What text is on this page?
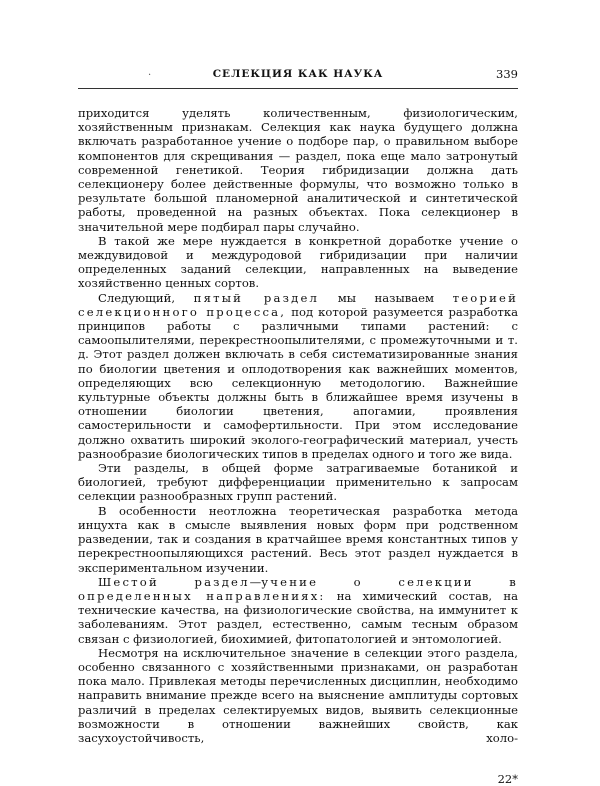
.	СЕЛЕКЦИЯ КАК НАУКА	339

приходится уделять количественным, физиологическим, хозяйственным признакам. Селекция как наука будущего должна включать разработанное учение о подборе пар, о правильном выборе компонентов для скрещивания — раздел, пока еще мало затронутый современной генетикой. Теория гибридизации должна дать селекционеру более действенные формулы, что возможно только в результате большой планомерной аналитической и синтетической работы, проведенной на разных объектах. Пока селекционер в значительной мере подбирал пары случайно.

В такой же мере нуждается в конкретной доработке учение о междувидовой и междуродовой гибридизации при наличии определенных заданий селекции, направленных на выведение хозяйственно ценных сортов.

Следующий, пятый раздел мы называем теорией селекционного процесса, под которой разумеется разработка принципов работы с различными типами растений: с самоопылителями, перекрестноопылителями, с промежуточными и т. д. Этот раздел должен включать в себя систематизированные знания по биологии цветения и оплодотворения как важнейших моментов, определяющих всю селекционную методологию. Важнейшие культурные объекты должны быть в ближайшее время изучены в отношении биологии цветения, апогамии, проявления самостерильности и самофертильности. При этом исследование должно охватить широкий эколого-географический материал, учесть разнообразие биологических типов в пределах одного и того же вида.

Эти разделы, в общей форме затрагиваемые ботаникой и биологией, требуют дифференциации применительно к запросам селекции разнообразных групп растений.

В особенности неотложна теоретическая разработка метода инцухта как в смысле выявления новых форм при родственном разведении, так и создания в кратчайшее время константных типов у перекрестноопыляющихся растений. Весь этот раздел нуждается в экспериментальном изучении.

Шестой раздел—учение о селекции в определенных направлениях: на химический состав, на технические качества, на физиологические свойства, на иммунитет к заболеваниям. Этот раздел, естественно, самым тесным образом связан с физиологией, биохимией, фитопатологией и энтомологией.

Несмотря на исключительное значение в селекции этого раздела, особенно связанного с хозяйственными признаками, он разработан пока мало. Привлекая методы перечисленных дисциплин, необходимо направить внимание прежде всего на выяснение амплитуды сортовых различий в пределах селектируемых видов, выявить селекционные возможности в отношении важнейших свойств, как засухоустойчивость, холо-

22*
